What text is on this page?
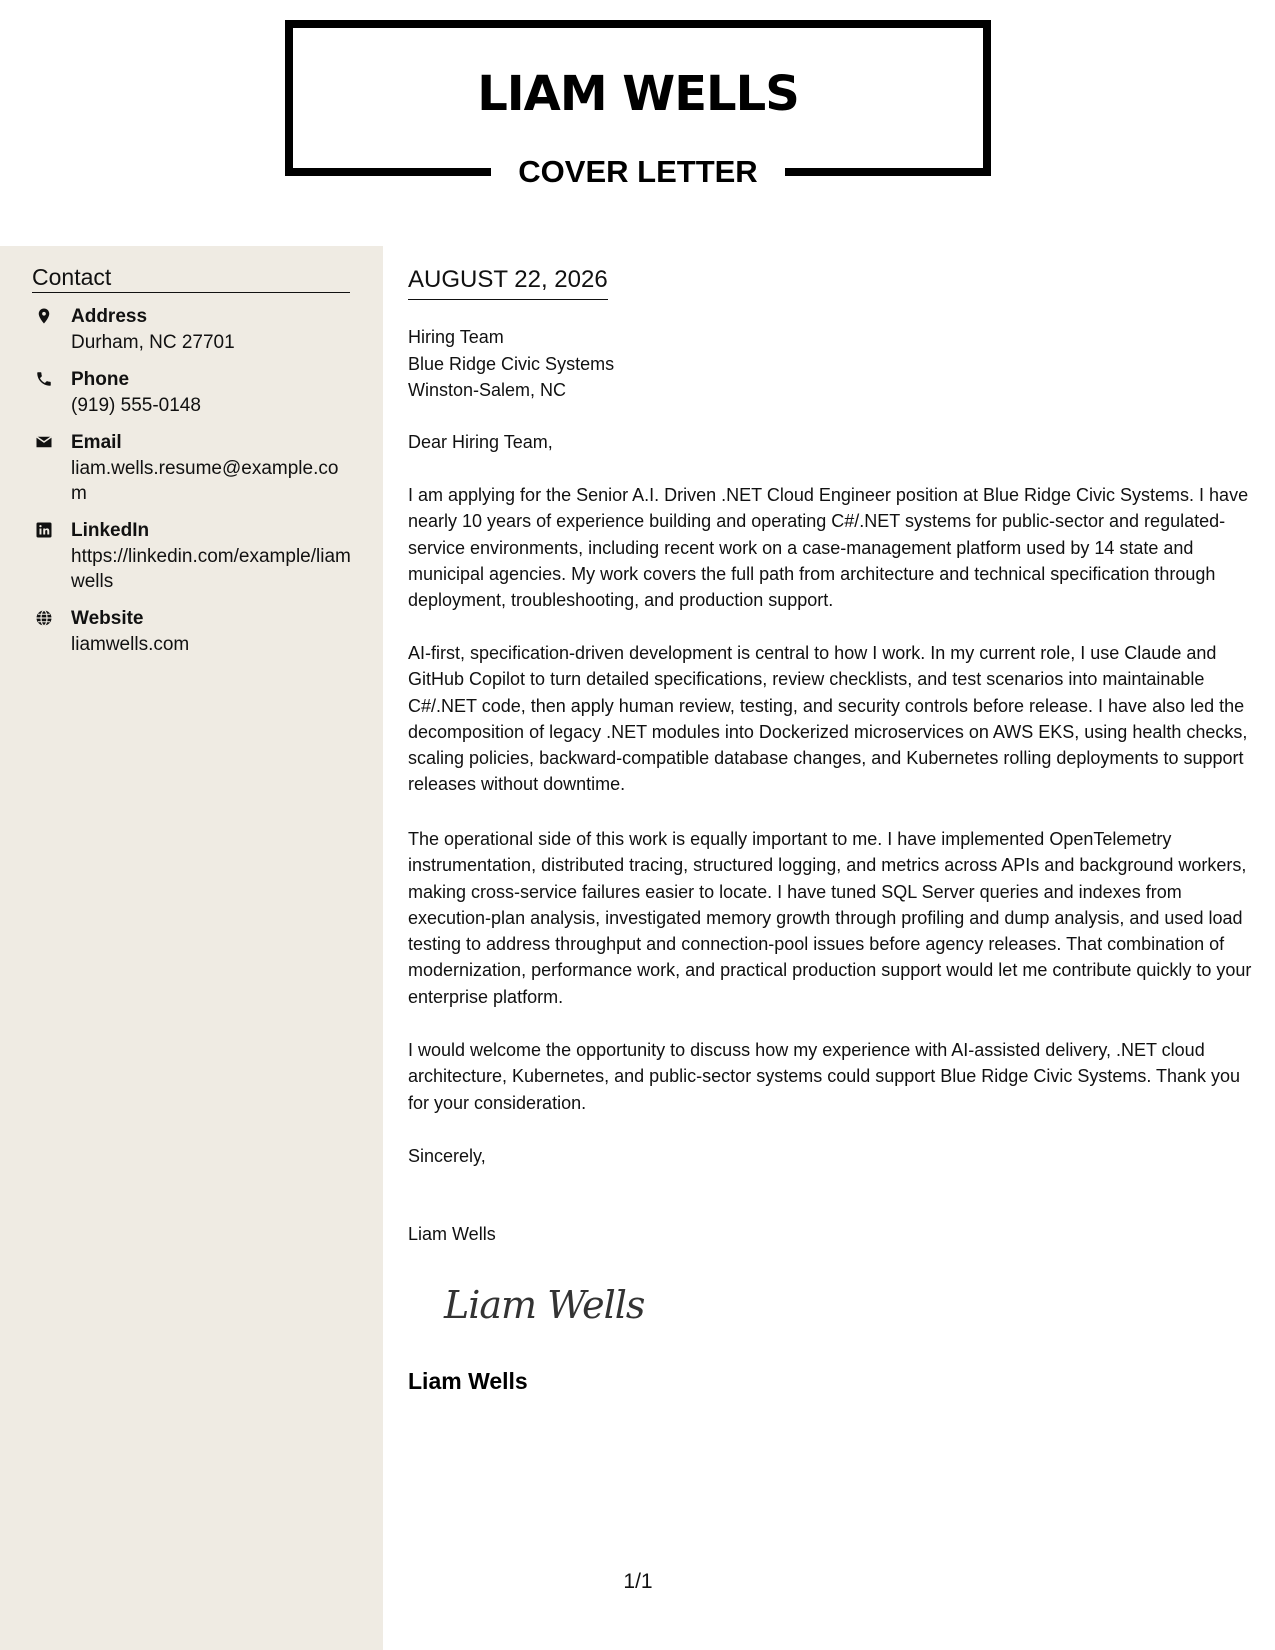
LIAM WELLS
COVER LETTER
Contact
Address
Durham, NC 27701
Phone
(919) 555-0148
Email
liam.wells.resume@example.com
LinkedIn
https://linkedin.com/example/liamwells
Website
liamwells.com
AUGUST 22, 2026
Hiring Team
Blue Ridge Civic Systems
Winston-Salem, NC

Dear Hiring Team,

I am applying for the Senior A.I. Driven .NET Cloud Engineer position at Blue Ridge Civic Systems. I have nearly 10 years of experience building and operating C#/.NET systems for public-sector and regulated-service environments, including recent work on a case-management platform used by 14 state and municipal agencies. My work covers the full path from architecture and technical specification through deployment, troubleshooting, and production support.

AI-first, specification-driven development is central to how I work. In my current role, I use Claude and GitHub Copilot to turn detailed specifications, review checklists, and test scenarios into maintainable C#/.NET code, then apply human review, testing, and security controls before release. I have also led the decomposition of legacy .NET modules into Dockerized microservices on AWS EKS, using health checks, scaling policies, backward-compatible database changes, and Kubernetes rolling deployments to support releases without downtime.

The operational side of this work is equally important to me. I have implemented OpenTelemetry instrumentation, distributed tracing, structured logging, and metrics across APIs and background workers, making cross-service failures easier to locate. I have tuned SQL Server queries and indexes from execution-plan analysis, investigated memory growth through profiling and dump analysis, and used load testing to address throughput and connection-pool issues before agency releases. That combination of modernization, performance work, and practical production support would let me contribute quickly to your enterprise platform.

I would welcome the opportunity to discuss how my experience with AI-assisted delivery, .NET cloud architecture, Kubernetes, and public-sector systems could support Blue Ridge Civic Systems. Thank you for your consideration.

Sincerely,

Liam Wells

Liam Wells
Liam Wells
1/1
